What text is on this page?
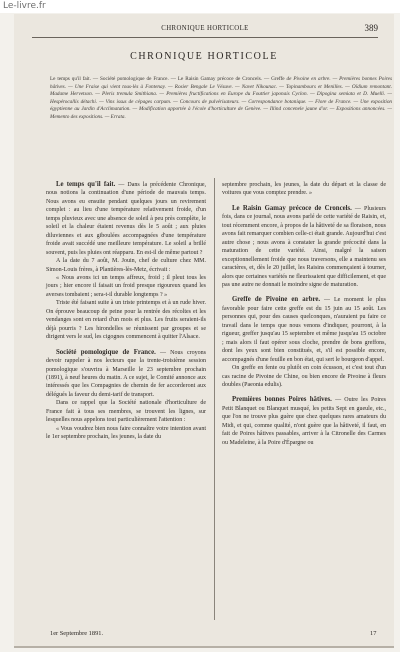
Le-livre.fr
CHRONIQUE HORTICOLE	389
CHRONIQUE HORTICOLE
Le temps qu'il fait. — Société pomologique de France. — Le Raisin Gamay précoce de Croncels. — Greffe de Pivoine en arbre. — Premières bonnes Poires hâtives. — Une Fraise qui vient tous-lès à Fontenay. — Rosier Bengale Le Vésuve. — Navet Nikounac. — Topinambours et Menilles. — Oïdium remontant. Madame Hervetson. — Pleris tremula Smithiana. — Premières fructifications en Europe du Fouttier japonais Cyclon. — Dipogina semiata et D. Muelli. — Hespérocallis détachi. — Vins issus de cépages carpum. — Concours de pulvérisateurs. — Correspondance botanique. — Flore de France. — Une exposition égyptienne au Jardin d'Acclimatation. — Modification apportée à l'école d'horticulture de Genève. — Illind concenele jaune d'or. — Expositions annoncées. — Memento des expositions. — Errata.

Le temps qu'il fait. — Dans la précédente Chronique, nous notions la continuation d'une période de mauvais temps. Nous avons eu ensuite pendant quelques jours un revirement complet : au lieu d'une température relativement froide, d'un temps pluvieux avec une absence de soleil à peu près complète, le soleil et la chaleur étaient revenus dès le 5 août ; aux pluies diluviennes et aux giboulées accompagnées d'une température froide avait succédé une meilleure température. Le soleil a brillé souvent, puis les pluies ont réapparu. En est-il de même partout ?

A la date du 7 août, M. Jouin, chef de culture chez MM. Simon-Louis frères, à Plantières-lès-Metz, écrivait :

« Nous avons ici un temps affreux, froid ; il pleut tous les jours ; hier encore il faisait un froid presque rigoureux quand les averses tombaient ; sera-t-il durable longtemps ? »

Triste été faisant suite à un triste printemps et à un rude hiver. On éprouve beaucoup de peine pour la rentrée des récoltes et les vendanges sont en retard d'un mois et plus. Les fruits seraient-ils déjà pourris ? Les hirondelles se réunissent par groupes et se dirigent vers le sud, les cigognes commencent à quitter l'Alsace.

Société pomologique de France. — Nous croyons devoir rappeler à nos lecteurs que la trente-troisième session pomologique s'ouvrira à Marseille le 23 septembre prochain (1891), à neuf heures du matin. A ce sujet, le Comité annonce aux intéressés que les Compagnies de chemin de fer accorderont aux délégués la faveur du demi-tarif de transport.

Dans ce rappel que la Société nationale d'horticulture de France fait à tous ses membres, se trouvent les lignes, sur lesquelles nous appelons tout particulièrement l'attention :

« Vous voudrez bien nous faire connaître votre intention avant le 1er septembre prochain, les jeunes, la date du

septembre prochain, les jeunes, la date du départ et la classe de voitures que vous comptez prendre. »

Le Raisin Gamay précoce de Croncels. — Plusieurs fois, dans ce journal, nous avons parlé de cette variété de Raisin, et, tout récemment encore, à propos de la hâtiveté de sa floraison, nous avons fait remarquer combien celle-ci était grande. Aujourd'hui c'est autre chose ; nous avons à constater la grande précocité dans la maturation de cette variété. Ainsi, malgré la saison exceptionnellement froide que nous traversons, elle a maintenu ses caractères, et, dès le 20 juillet, les Raisins commençaient à tourner, alors que certaines variétés ne fleurissaient que difficilement, et que pas une autre ne donnait le moindre signe de maturation.

Greffe de Pivoine en arbre. — Le moment le plus favorable pour faire cette greffe est du 15 juin au 15 août. Les personnes qui, pour des causes quelconques, n'auraient pu faire ce travail dans le temps que nous venons d'indiquer, pourront, à la rigueur, greffer jusqu'au 15 septembre et même jusqu'au 15 octobre ; mais alors il faut opérer sous cloche, prendre de bons greffons, dont les yeux sont bien constitués, et, s'il est possible encore, accompagnés d'une feuille en bon état, qui sert le bourgeon d'appel.

On greffe en fente ou plutôt en coin écusson, et c'est tout d'un cas racine de Pivoine de Chine, ou bien encore de Pivoine à fleurs doubles (Paeonia edulis).

Premières bonnes Poires hâtives. — Outre les Poires Petit Blanquet ou Blanquet musqué, les petits Sept en gueule, etc., que l'on ne trouve plus guère que chez quelques rares amateurs du Midi, et qui, comme qualité, n'ont guère que la hâtiveté, il faut, en fait de Poires hâtives passables, arriver à la Citronelle des Carmes ou Madeleine, à la Poire d'Épargne ou

1er Septembre 1891.	17
